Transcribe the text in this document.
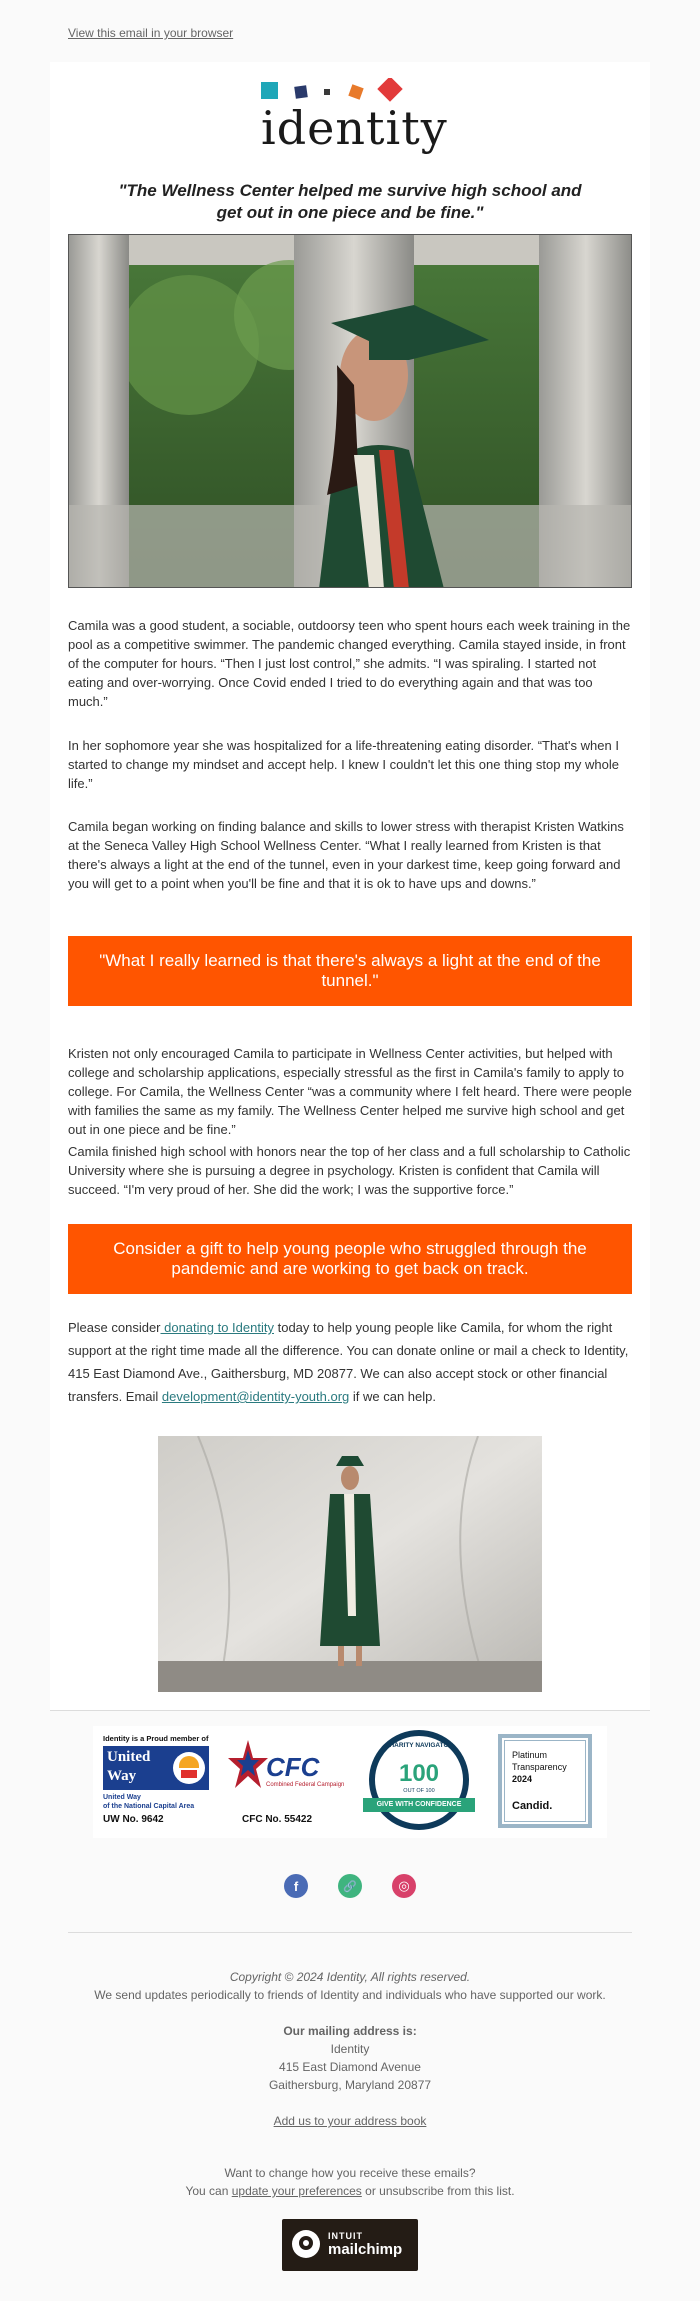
View this email in your browser
identity
"The Wellness Center helped me survive high school and get out in one piece and be fine."

Camila was a good student, a sociable, outdoorsy teen who spent hours each week training in the pool as a competitive swimmer. The pandemic changed everything. Camila stayed inside, in front of the computer for hours. “Then I just lost control,” she admits. “I was spiraling. I started not eating and over-worrying. Once Covid ended I tried to do everything again and that was too much.”

In her sophomore year she was hospitalized for a life-threatening eating disorder. “That's when I started to change my mindset and accept help. I knew I couldn't let this one thing stop my whole life.”

Camila began working on finding balance and skills to lower stress with therapist Kristen Watkins at the Seneca Valley High School Wellness Center. “What I really learned from Kristen is that there's always a light at the end of the tunnel, even in your darkest time, keep going forward and you will get to a point when you'll be fine and that it is ok to have ups and downs.”

"What I really learned is that there's always a light at the end of the tunnel."

Kristen not only encouraged Camila to participate in Wellness Center activities, but helped with college and scholarship applications, especially stressful as the first in Camila's family to apply to college. For Camila, the Wellness Center “was a community where I felt heard. There were people with families the same as my family. The Wellness Center helped me survive high school and get out in one piece and be fine.”

Camila finished high school with honors near the top of her class and a full scholarship to Catholic University where she is pursuing a degree in psychology. Kristen is confident that Camila will succeed. “I'm very proud of her. She did the work; I was the supportive force.”

Consider a gift to help young people who struggled through the pandemic and are working to get back on track.

Please consider donating to Identity today to help young people like Camila, for whom the right support at the right time made all the difference. You can donate online or mail a check to Identity, 415 East Diamond Ave., Gaithersburg, MD 20877. We can also accept stock or other financial transfers. Email development@identity-youth.org if we can help.

Identity is a Proud member of
United
Way
United Way
of the National Capital Area
UW No. 9642
CFC
Combined Federal Campaign
CFC No. 55422
CHARITY NAVIGATOR
100
OUT OF 100
GIVE WITH CONFIDENCE
Platinum
Transparency
2024
Candid.
f	🔗	◎

Copyright © 2024 Identity, All rights reserved.

We send updates periodically to friends of Identity and individuals who have supported our work.

Our mailing address is:

Identity

415 East Diamond Avenue

Gaithersburg, Maryland 20877

Add us to your address book

Want to change how you receive these emails?

You can update your preferences or unsubscribe from this list.

INTUIT
mailchimp
